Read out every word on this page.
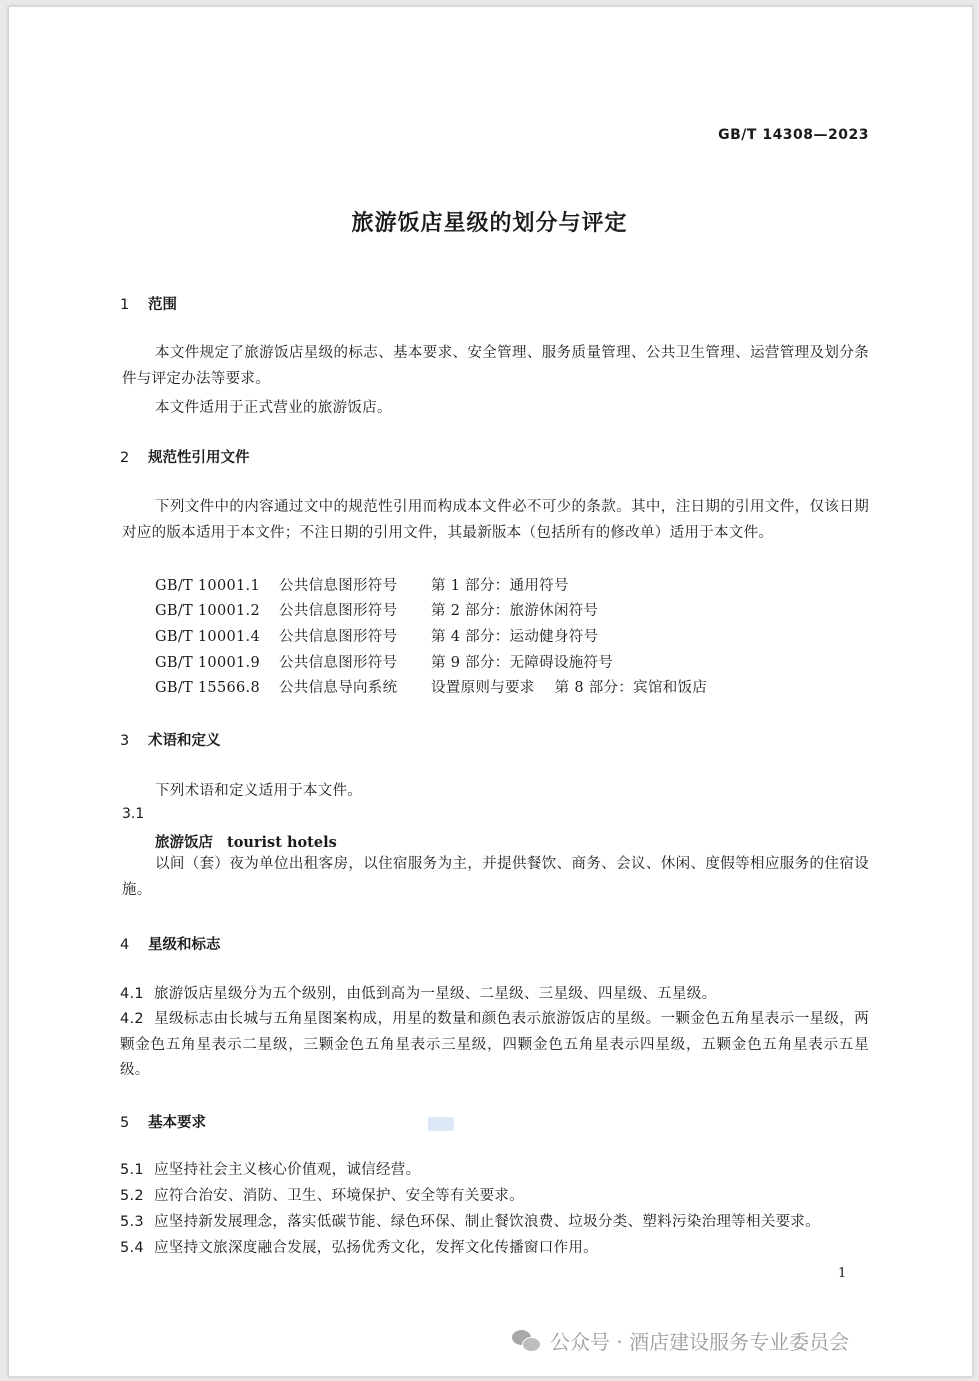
GB/T 14308—2023
旅游饭店星级的划分与评定
1 范围
本文件规定了旅游饭店星级的标志、基本要求、安全管理、服务质量管理、公共卫生管理、运营管理及划分条件与评定办法等要求。
本文件适用于正式营业的旅游饭店。
2 规范性引用文件
下列文件中的内容通过文中的规范性引用而构成本文件必不可少的条款。其中，注日期的引用文件，仅该日期对应的版本适用于本文件；不注日期的引用文件，其最新版本（包括所有的修改单）适用于本文件。
GB/T 10001.1 公共信息图形符号 第 1 部分：通用符号
GB/T 10001.2 公共信息图形符号 第 2 部分：旅游休闲符号
GB/T 10001.4 公共信息图形符号 第 4 部分：运动健身符号
GB/T 10001.9 公共信息图形符号 第 9 部分：无障碍设施符号
GB/T 15566.8 公共信息导向系统 设置原则与要求 第 8 部分：宾馆和饭店
3 术语和定义
下列术语和定义适用于本文件。
3.1
旅游饭店 tourist hotels
以间（套）夜为单位出租客房，以住宿服务为主，并提供餐饮、商务、会议、休闲、度假等相应服务的住宿设施。
4 星级和标志
4.1 旅游饭店星级分为五个级别，由低到高为一星级、二星级、三星级、四星级、五星级。
4.2 星级标志由长城与五角星图案构成，用星的数量和颜色表示旅游饭店的星级。一颗金色五角星表示一星级，两颗金色五角星表示二星级，三颗金色五角星表示三星级，四颗金色五角星表示四星级，五颗金色五角星表示五星级。
5 基本要求
5.1 应坚持社会主义核心价值观，诚信经营。
5.2 应符合治安、消防、卫生、环境保护、安全等有关要求。
5.3 应坚持新发展理念，落实低碳节能、绿色环保、制止餐饮浪费、垃圾分类、塑料污染治理等相关要求。
5.4 应坚持文旅深度融合发展，弘扬优秀文化，发挥文化传播窗口作用。
1
公众号 · 酒店建设服务专业委员会
